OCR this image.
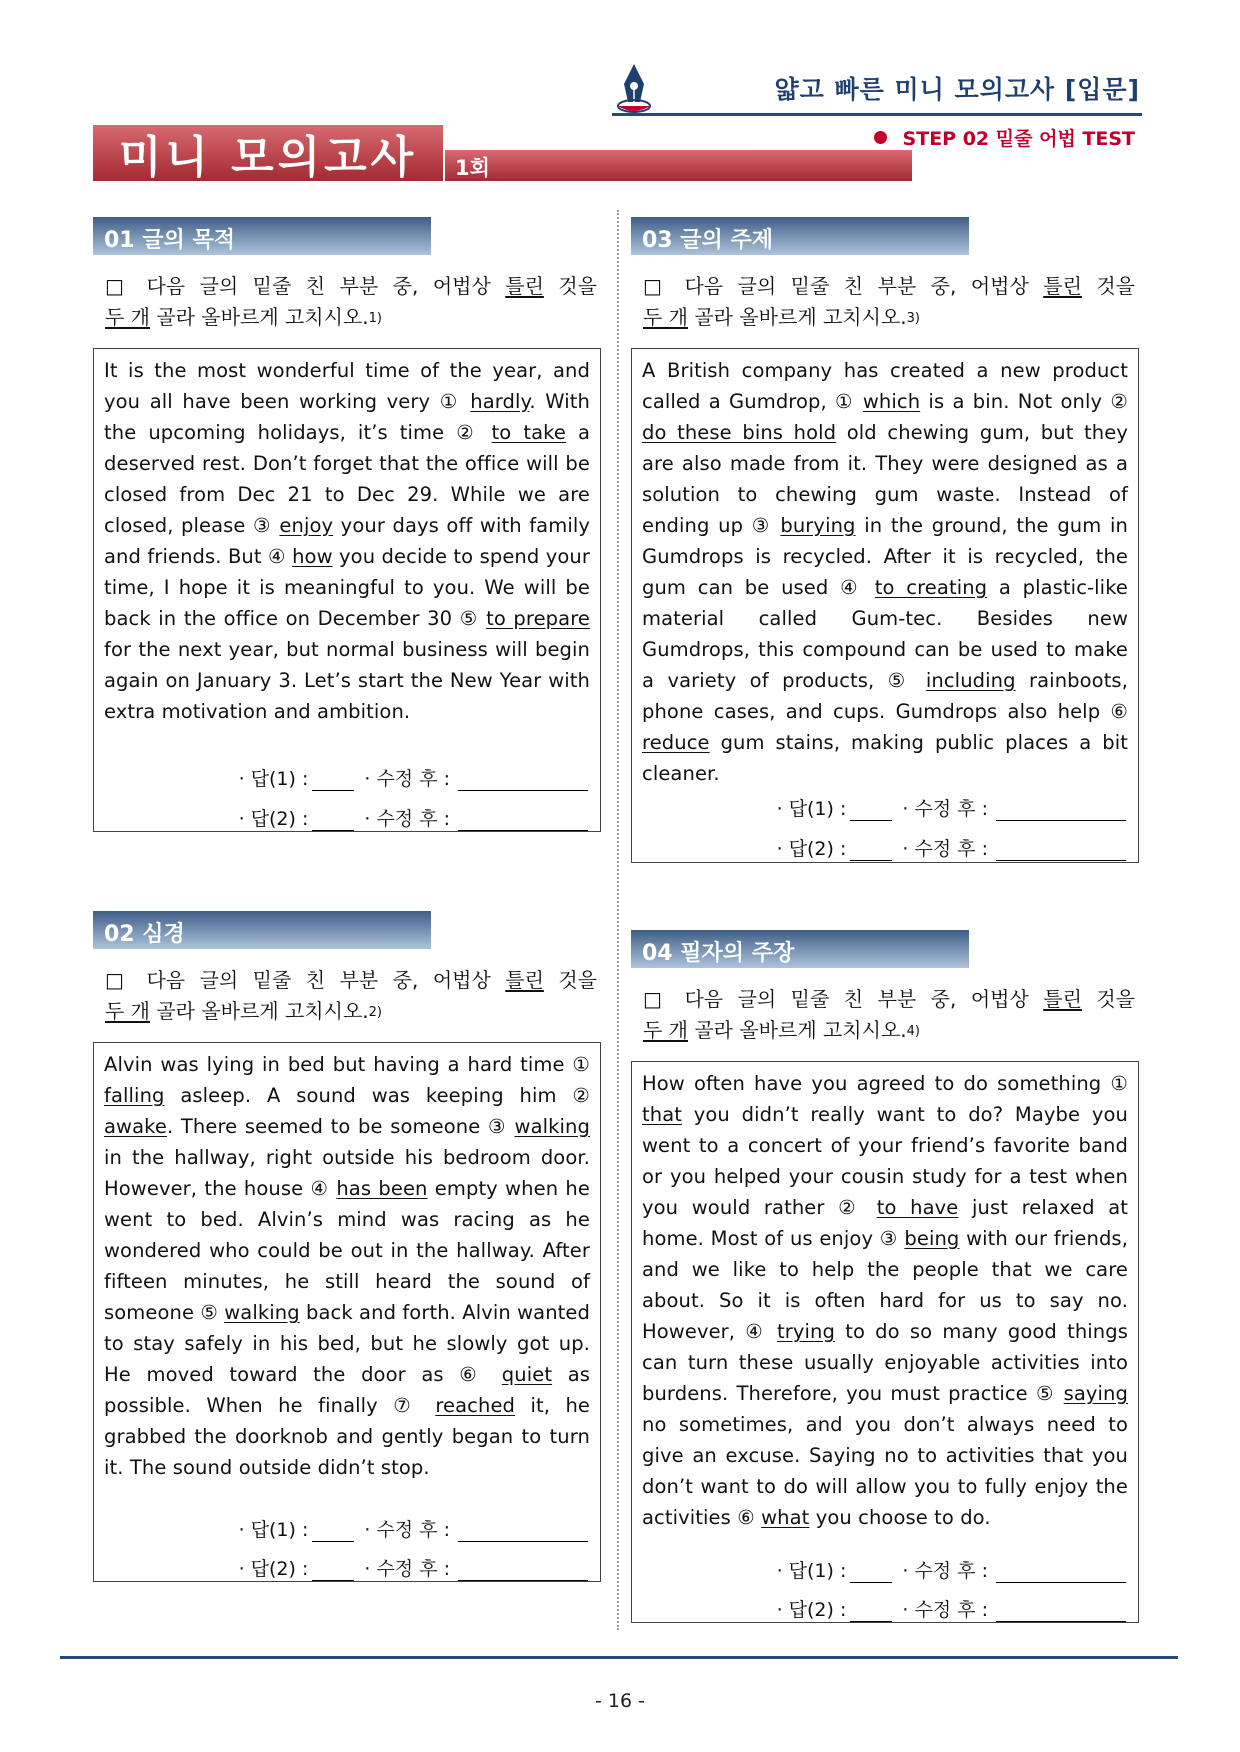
얇고 빠른 미니 모의고사 [입문]
STEP 02 밑줄 어법 TEST
미니 모의고사	1회
01 글의 목적
□ 다음 글의 밑줄 친 부분 중, 어법상 틀린 것을
두 개 골라 올바르게 고치시오.$^{1)}$
It is the most wonderful time of the year, and you all have been working very ① hardly. With the upcoming holidays, it’s time ② to take a deserved rest. Don’t forget that the office will be closed from Dec 21 to Dec 29. While we are closed, please ③ enjoy your days off with family and friends. But ④ how you decide to spend your time, I hope it is meaningful to you. We will be back in the office on December 30 ⑤ to prepare for the next year, but normal business will begin again on January 3. Let’s start the New Year with extra motivation and ambition.
· 답(1) :	· 수정 후 :
· 답(2) :	· 수정 후 :
02 심경
□ 다음 글의 밑줄 친 부분 중, 어법상 틀린 것을
두 개 골라 올바르게 고치시오.$^{2)}$
Alvin was lying in bed but having a hard time ① falling asleep. A sound was keeping him ② awake. There seemed to be someone ③ walking in the hallway, right outside his bedroom door. However, the house ④ has been empty when he went to bed. Alvin’s mind was racing as he wondered who could be out in the hallway. After fifteen minutes, he still heard the sound of someone ⑤ walking back and forth. Alvin wanted to stay safely in his bed, but he slowly got up. He moved toward the door as ⑥ quiet as possible. When he finally ⑦ reached it, he grabbed the doorknob and gently began to turn it. The sound outside didn’t stop.
· 답(1) :	· 수정 후 :
· 답(2) :	· 수정 후 :
03 글의 주제
□ 다음 글의 밑줄 친 부분 중, 어법상 틀린 것을
두 개 골라 올바르게 고치시오.$^{3)}$
A British company has created a new product called a Gumdrop, ① which is a bin. Not only ② do these bins hold old chewing gum, but they are also made from it. They were designed as a solution to chewing gum waste. Instead of ending up ③ burying in the ground, the gum in Gumdrops is recycled. After it is recycled, the gum can be used ④ to creating a plastic-like material called Gum-tec. Besides new Gumdrops, this compound can be used to make a variety of products, ⑤ including rainboots, phone cases, and cups. Gumdrops also help ⑥ reduce gum stains, making public places a bit cleaner.
· 답(1) :	· 수정 후 :
· 답(2) :	· 수정 후 :
04 필자의 주장
□ 다음 글의 밑줄 친 부분 중, 어법상 틀린 것을
두 개 골라 올바르게 고치시오.$^{4)}$
How often have you agreed to do something ① that you didn’t really want to do? Maybe you went to a concert of your friend’s favorite band or you helped your cousin study for a test when you would rather ② to have just relaxed at home. Most of us enjoy ③ being with our friends, and we like to help the people that we care about. So it is often hard for us to say no. However, ④ trying to do so many good things can turn these usually enjoyable activities into burdens. Therefore, you must practice ⑤ saying no sometimes, and you don’t always need to give an excuse. Saying no to activities that you don’t want to do will allow you to fully enjoy the activities ⑥ what you choose to do.
· 답(1) :	· 수정 후 :
· 답(2) :	· 수정 후 :
- 16 -
